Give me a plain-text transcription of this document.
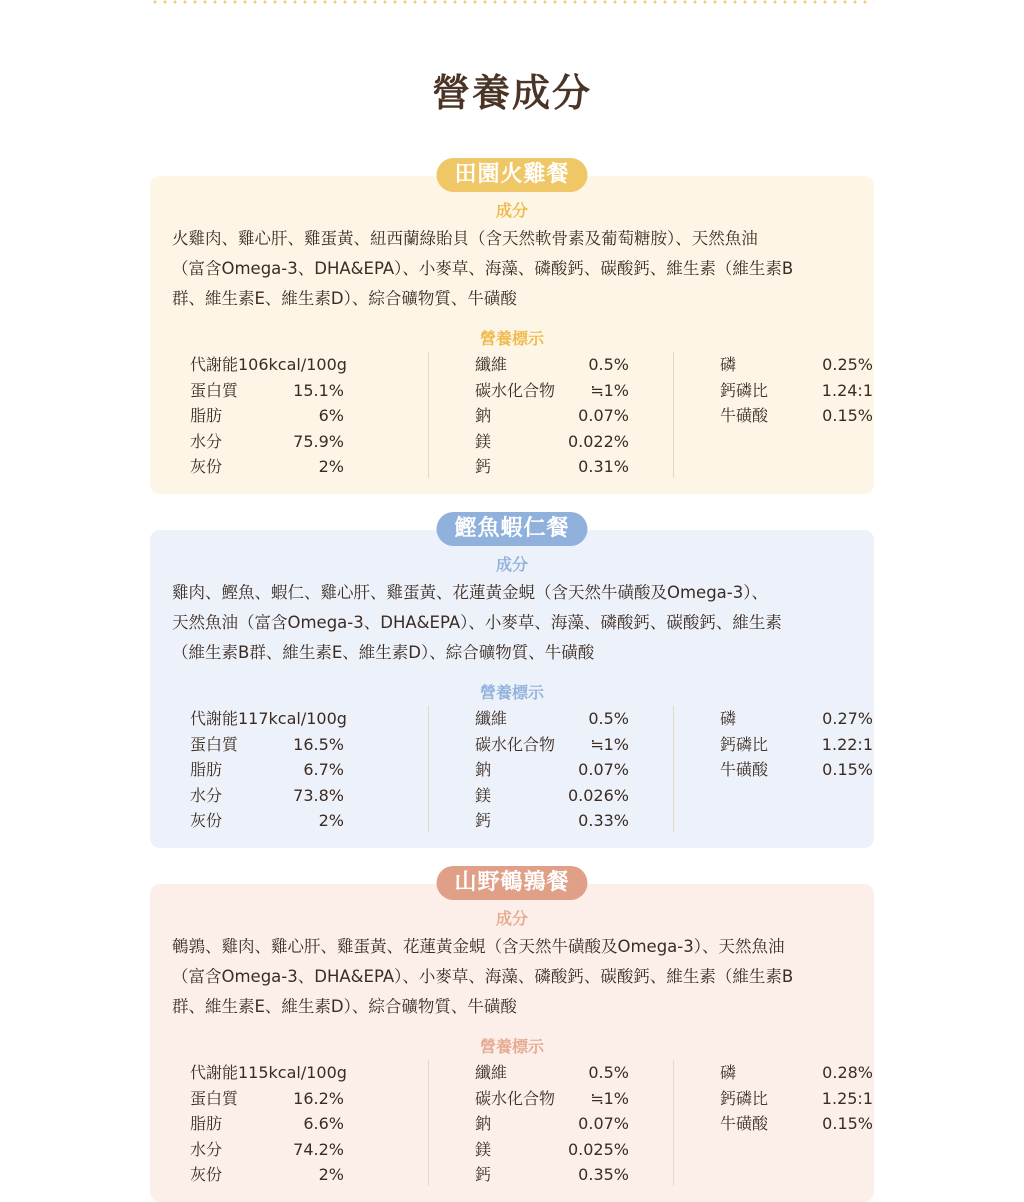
營養成分
成分
火雞肉、雞心肝、雞蛋黃、紐西蘭綠貽貝（含天然軟骨素及葡萄糖胺）、天然魚油
（富含Omega-3、DHA&EPA）、小麥草、海藻、磷酸鈣、碳酸鈣、維生素（維生素B
群、維生素E、維生素D）、綜合礦物質、牛磺酸
營養標示
代謝能106kcal/100g
蛋白質	15.1%
脂肪	6%
水分	75.9%
灰份	2%
纖維	0.5%
碳水化合物 ≒1%
鈉	0.07%
鎂	0.022%
鈣	0.31%
磷	0.25%
鈣磷比	1.24:1
牛磺酸	0.15%
成分
雞肉、鰹魚、蝦仁、雞心肝、雞蛋黃、花蓮黃金蜆（含天然牛磺酸及Omega-3）、
天然魚油（富含Omega-3、DHA&EPA）、小麥草、海藻、磷酸鈣、碳酸鈣、維生素
（維生素B群、維生素E、維生素D）、綜合礦物質、牛磺酸
營養標示
代謝能117kcal/100g
蛋白質	16.5%
脂肪	6.7%
水分	73.8%
灰份	2%
纖維	0.5%
碳水化合物 ≒1%
鈉	0.07%
鎂	0.026%
鈣	0.33%
磷	0.27%
鈣磷比	1.22:1
牛磺酸	0.15%
成分
鵪鶉、雞肉、雞心肝、雞蛋黃、花蓮黃金蜆（含天然牛磺酸及Omega-3）、天然魚油
（富含Omega-3、DHA&EPA）、小麥草、海藻、磷酸鈣、碳酸鈣、維生素（維生素B
群、維生素E、維生素D）、綜合礦物質、牛磺酸
營養標示
代謝能115kcal/100g
蛋白質	16.2%
脂肪	6.6%
水分	74.2%
灰份	2%
纖維	0.5%
碳水化合物 ≒1%
鈉	0.07%
鎂	0.025%
鈣	0.35%
磷	0.28%
鈣磷比	1.25:1
牛磺酸	0.15%
田園火雞餐
鰹魚蝦仁餐
山野鵪鶉餐
